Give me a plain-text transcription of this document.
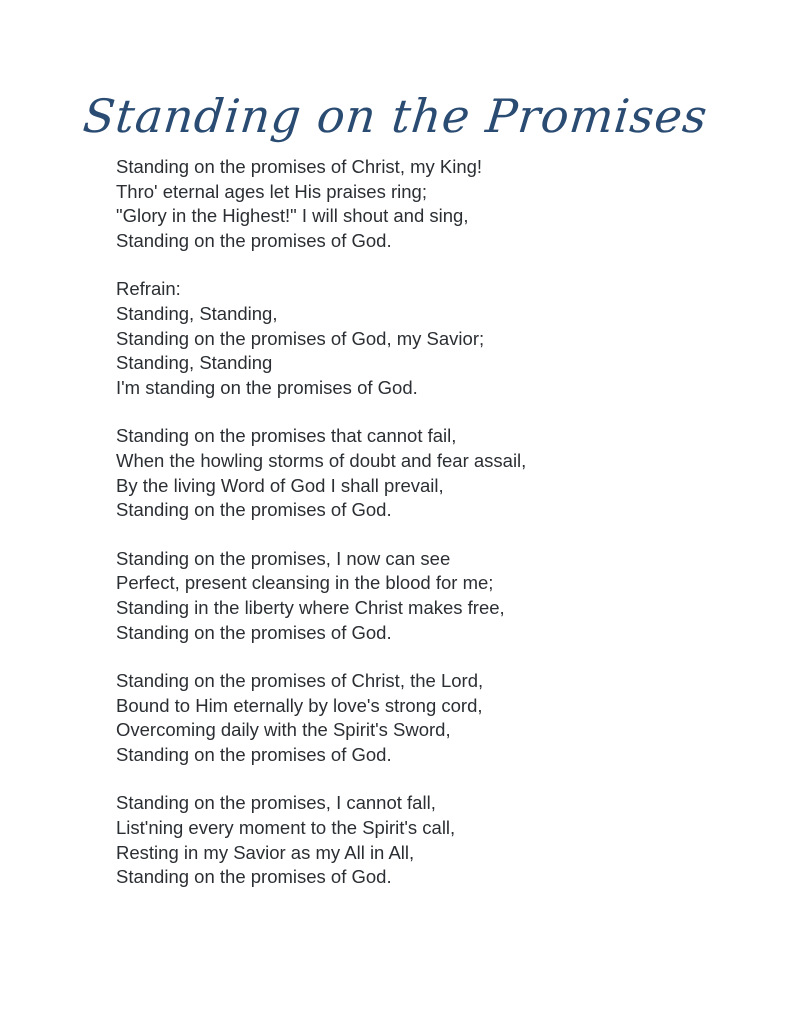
Standing on the Promises
Standing on the promises of Christ, my King!
Thro' eternal ages let His praises ring;
"Glory in the Highest!" I will shout and sing,
Standing on the promises of God.
Refrain:
Standing, Standing,
Standing on the promises of God, my Savior;
Standing, Standing
I'm standing on the promises of God.
Standing on the promises that cannot fail,
When the howling storms of doubt and fear assail,
By the living Word of God I shall prevail,
Standing on the promises of God.
Standing on the promises, I now can see
Perfect, present cleansing in the blood for me;
Standing in the liberty where Christ makes free,
Standing on the promises of God.
Standing on the promises of Christ, the Lord,
Bound to Him eternally by love's strong cord,
Overcoming daily with the Spirit's Sword,
Standing on the promises of God.
Standing on the promises, I cannot fall,
List'ning every moment to the Spirit's call,
Resting in my Savior as my All in All,
Standing on the promises of God.
